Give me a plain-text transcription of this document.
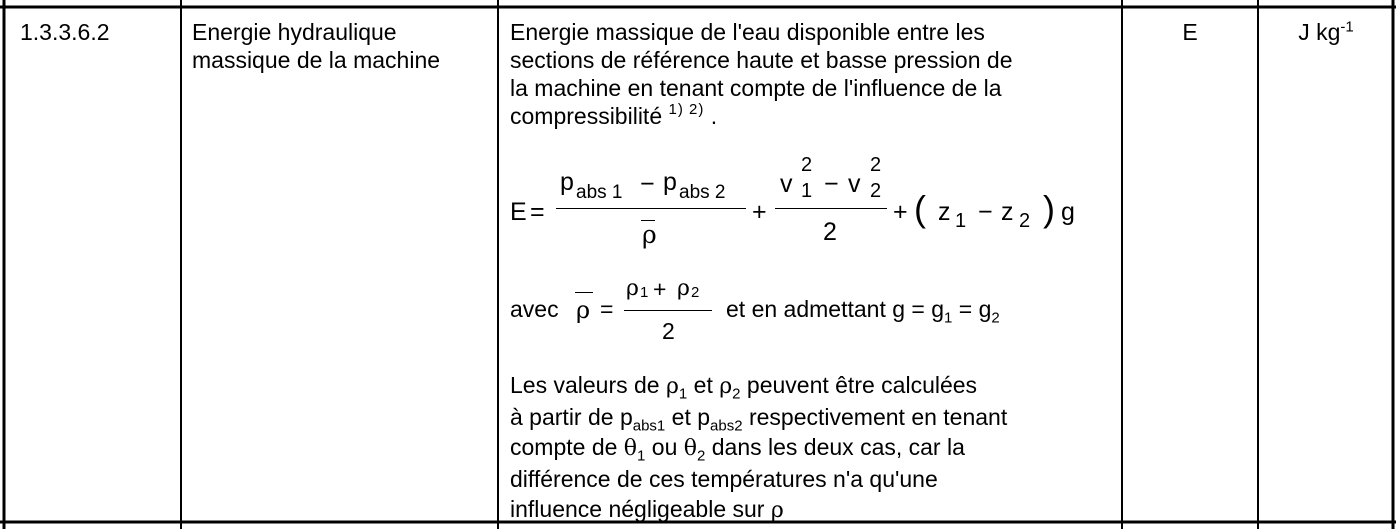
1.3.3.6.2	Energie hydraulique
massique de la machine
Energie massique de l'eau disponible entre les
sections de référence haute et basse pression de
la machine en tenant compte de l'influence de la
compressibilité $^{1) 2)}$ .
E	J $kg^{-1}$
E =
p abs 1 − p abs 2
ρ
+
v
2
1 − v
2
2
2
+ ( z 1 − z 2 ) g
avec ρ =
ρ 1 + ρ 2
2
et en admettant $g = g_1 = g_2$
Les valeurs de $\rho_1$ et $\rho_2$ peuvent être calculées
à partir de $p_{abs1}$ et $p_{abs2}$ respectivement en tenant
compte de $\theta_1$ ou $\theta_2$ dans les deux cas, car la
différence de ces températures n'a qu'une
influence négligeable sur ρ
